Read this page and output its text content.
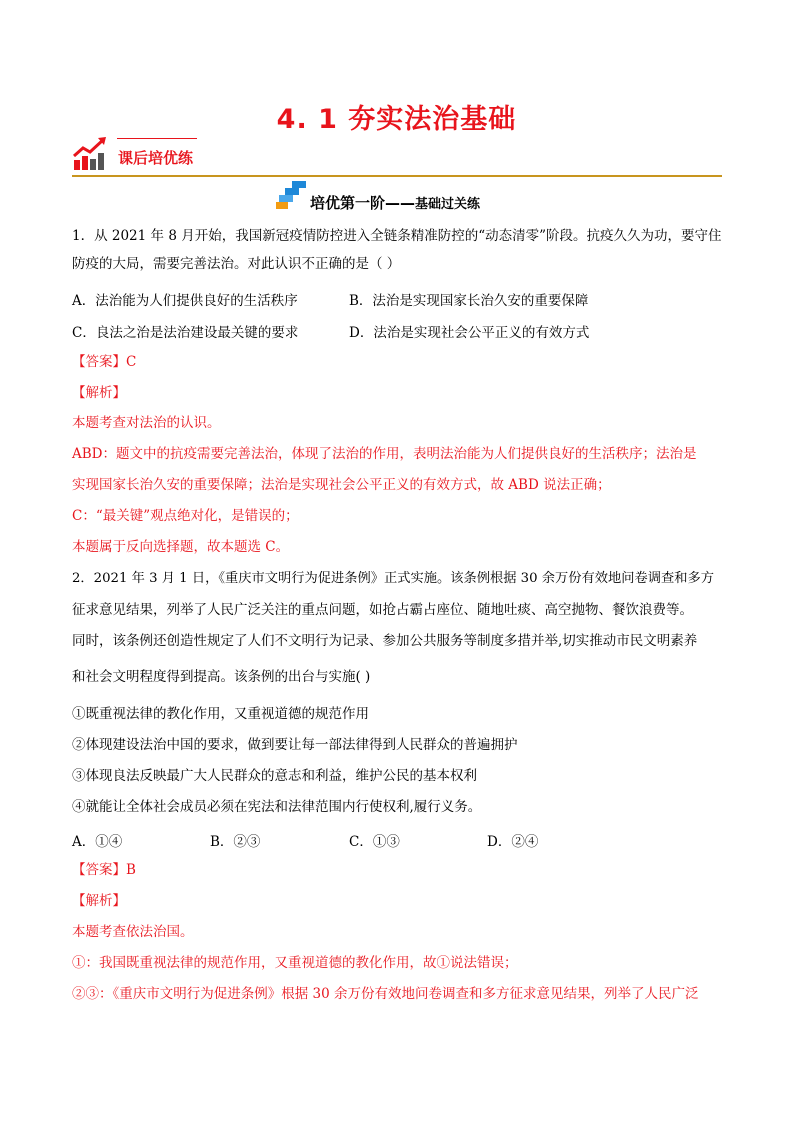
4. 1 夯实法治基础
课后培优练
培优第一阶——基础过关练
1．从 2021 年 8 月开始，我国新冠疫情防控进入全链条精准防控的“动态清零”阶段。抗疫久久为功，要守住
防疫的大局，需要完善法治。对此认识不正确的是（ ）
A．法治能为人们提供良好的生活秩序	B．法治是实现国家长治久安的重要保障
C．良法之治是法治建设最关键的要求	D．法治是实现社会公平正义的有效方式
【答案】C
【解析】
本题考查对法治的认识。
ABD：题文中的抗疫需要完善法治，体现了法治的作用，表明法治能为人们提供良好的生活秩序；法治是
实现国家长治久安的重要保障；法治是实现社会公平正义的有效方式，故 ABD 说法正确；
C：“最关键”观点绝对化，是错误的；
本题属于反向选择题，故本题选 C。
2．2021 年 3 月 1 日，《重庆市文明行为促进条例》正式实施。该条例根据 30 余万份有效地问卷调查和多方
征求意见结果，列举了人民广泛关注的重点问题，如抢占霸占座位、随地吐痰、高空抛物、餐饮浪费等。
同时，该条例还创造性规定了人们不文明行为记录、参加公共服务等制度多措并举,切实推动市民文明素养
和社会文明程度得到提高。该条例的出台与实施( )
①既重视法律的教化作用，又重视道德的规范作用
②体现建设法治中国的要求，做到要让每一部法律得到人民群众的普遍拥护
③体现良法反映最广大人民群众的意志和利益，维护公民的基本权利
④就能让全体社会成员必须在宪法和法律范围内行使权利,履行义务。
A．①④	B．②③	C．①③	D．②④
【答案】B
【解析】
本题考查依法治国。
①：我国既重视法律的规范作用，又重视道德的教化作用，故①说法错误；
②③：《重庆市文明行为促进条例》根据 30 余万份有效地问卷调查和多方征求意见结果，列举了人民广泛
